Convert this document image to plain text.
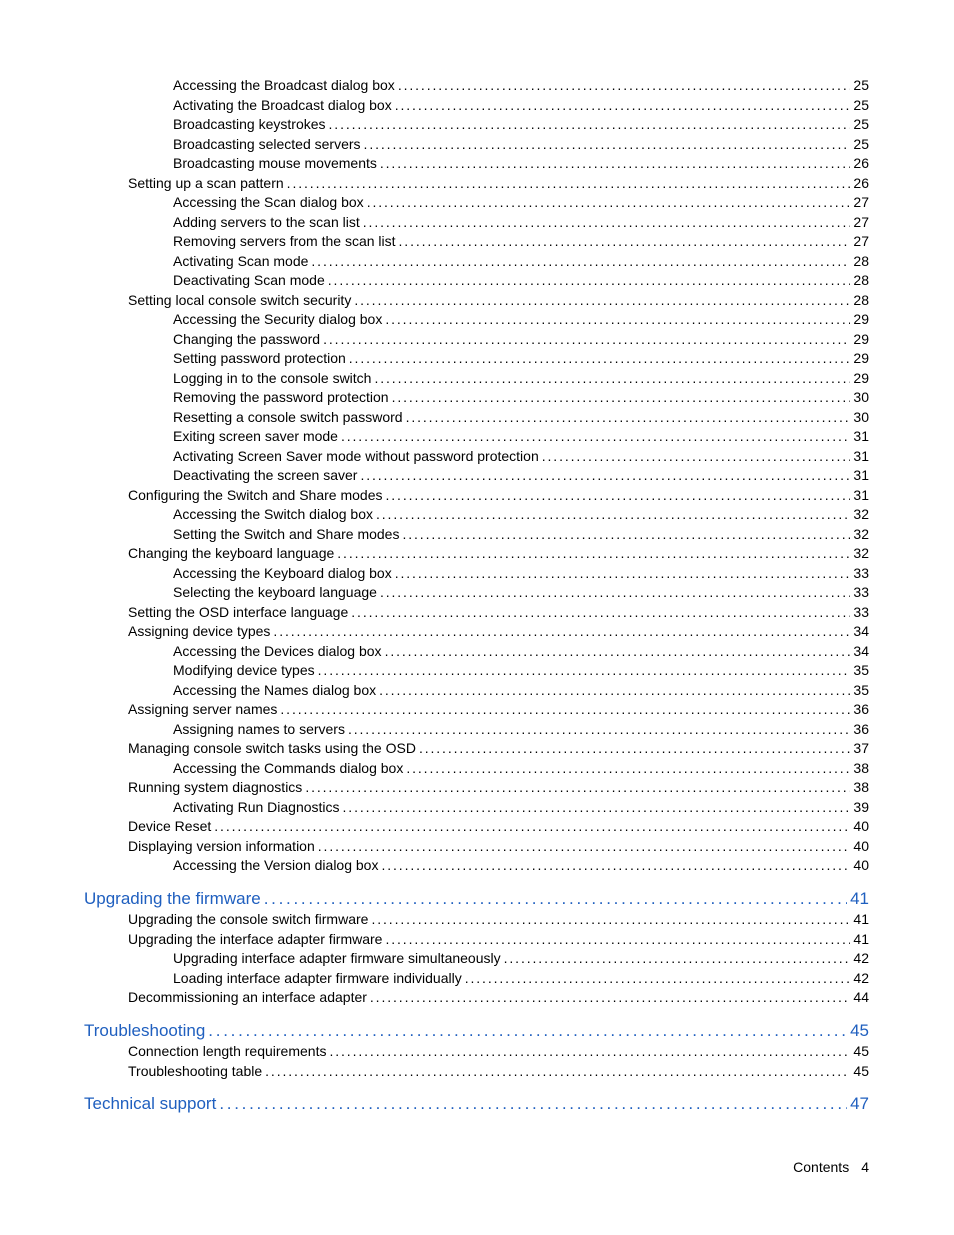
Accessing the Broadcast dialog box . . .	25
Activating the Broadcast dialog box . . .	25
Broadcasting keystrokes . . .	25
Broadcasting selected servers . . .	25
Broadcasting mouse movements . . .	26
Setting up a scan pattern . . .	26
Accessing the Scan dialog box . . .	27
Adding servers to the scan list . . .	27
Removing servers from the scan list . . .	27
Activating Scan mode . . .	28
Deactivating Scan mode . . .	28
Setting local console switch security . . .	28
Accessing the Security dialog box . . .	29
Changing the password . . .	29
Setting password protection . . .	29
Logging in to the console switch . . .	29
Removing the password protection . . .	30
Resetting a console switch password . . .	30
Exiting screen saver mode . . .	31
Activating Screen Saver mode without password protection . . .	31
Deactivating the screen saver . . .	31
Configuring the Switch and Share modes . . .	31
Accessing the Switch dialog box . . .	32
Setting the Switch and Share modes . . .	32
Changing the keyboard language . . .	32
Accessing the Keyboard dialog box . . .	33
Selecting the keyboard language . . .	33
Setting the OSD interface language . . .	33
Assigning device types . . .	34
Accessing the Devices dialog box . . .	34
Modifying device types . . .	35
Accessing the Names dialog box . . .	35
Assigning server names . . .	36
Assigning names to servers . . .	36
Managing console switch tasks using the OSD . . .	37
Accessing the Commands dialog box . . .	38
Running system diagnostics . . .	38
Activating Run Diagnostics . . .	39
Device Reset . . .	40
Displaying version information . . .	40
Accessing the Version dialog box . . .	40
Upgrading the firmware . . .	41
Upgrading the console switch firmware . . .	41
Upgrading the interface adapter firmware . . .	41
Upgrading interface adapter firmware simultaneously . . .	42
Loading interface adapter firmware individually . . .	42
Decommissioning an interface adapter . . .	44
Troubleshooting . . .	45
Connection length requirements . . .	45
Troubleshooting table . . .	45
Technical support . . .	47
Contents 4
